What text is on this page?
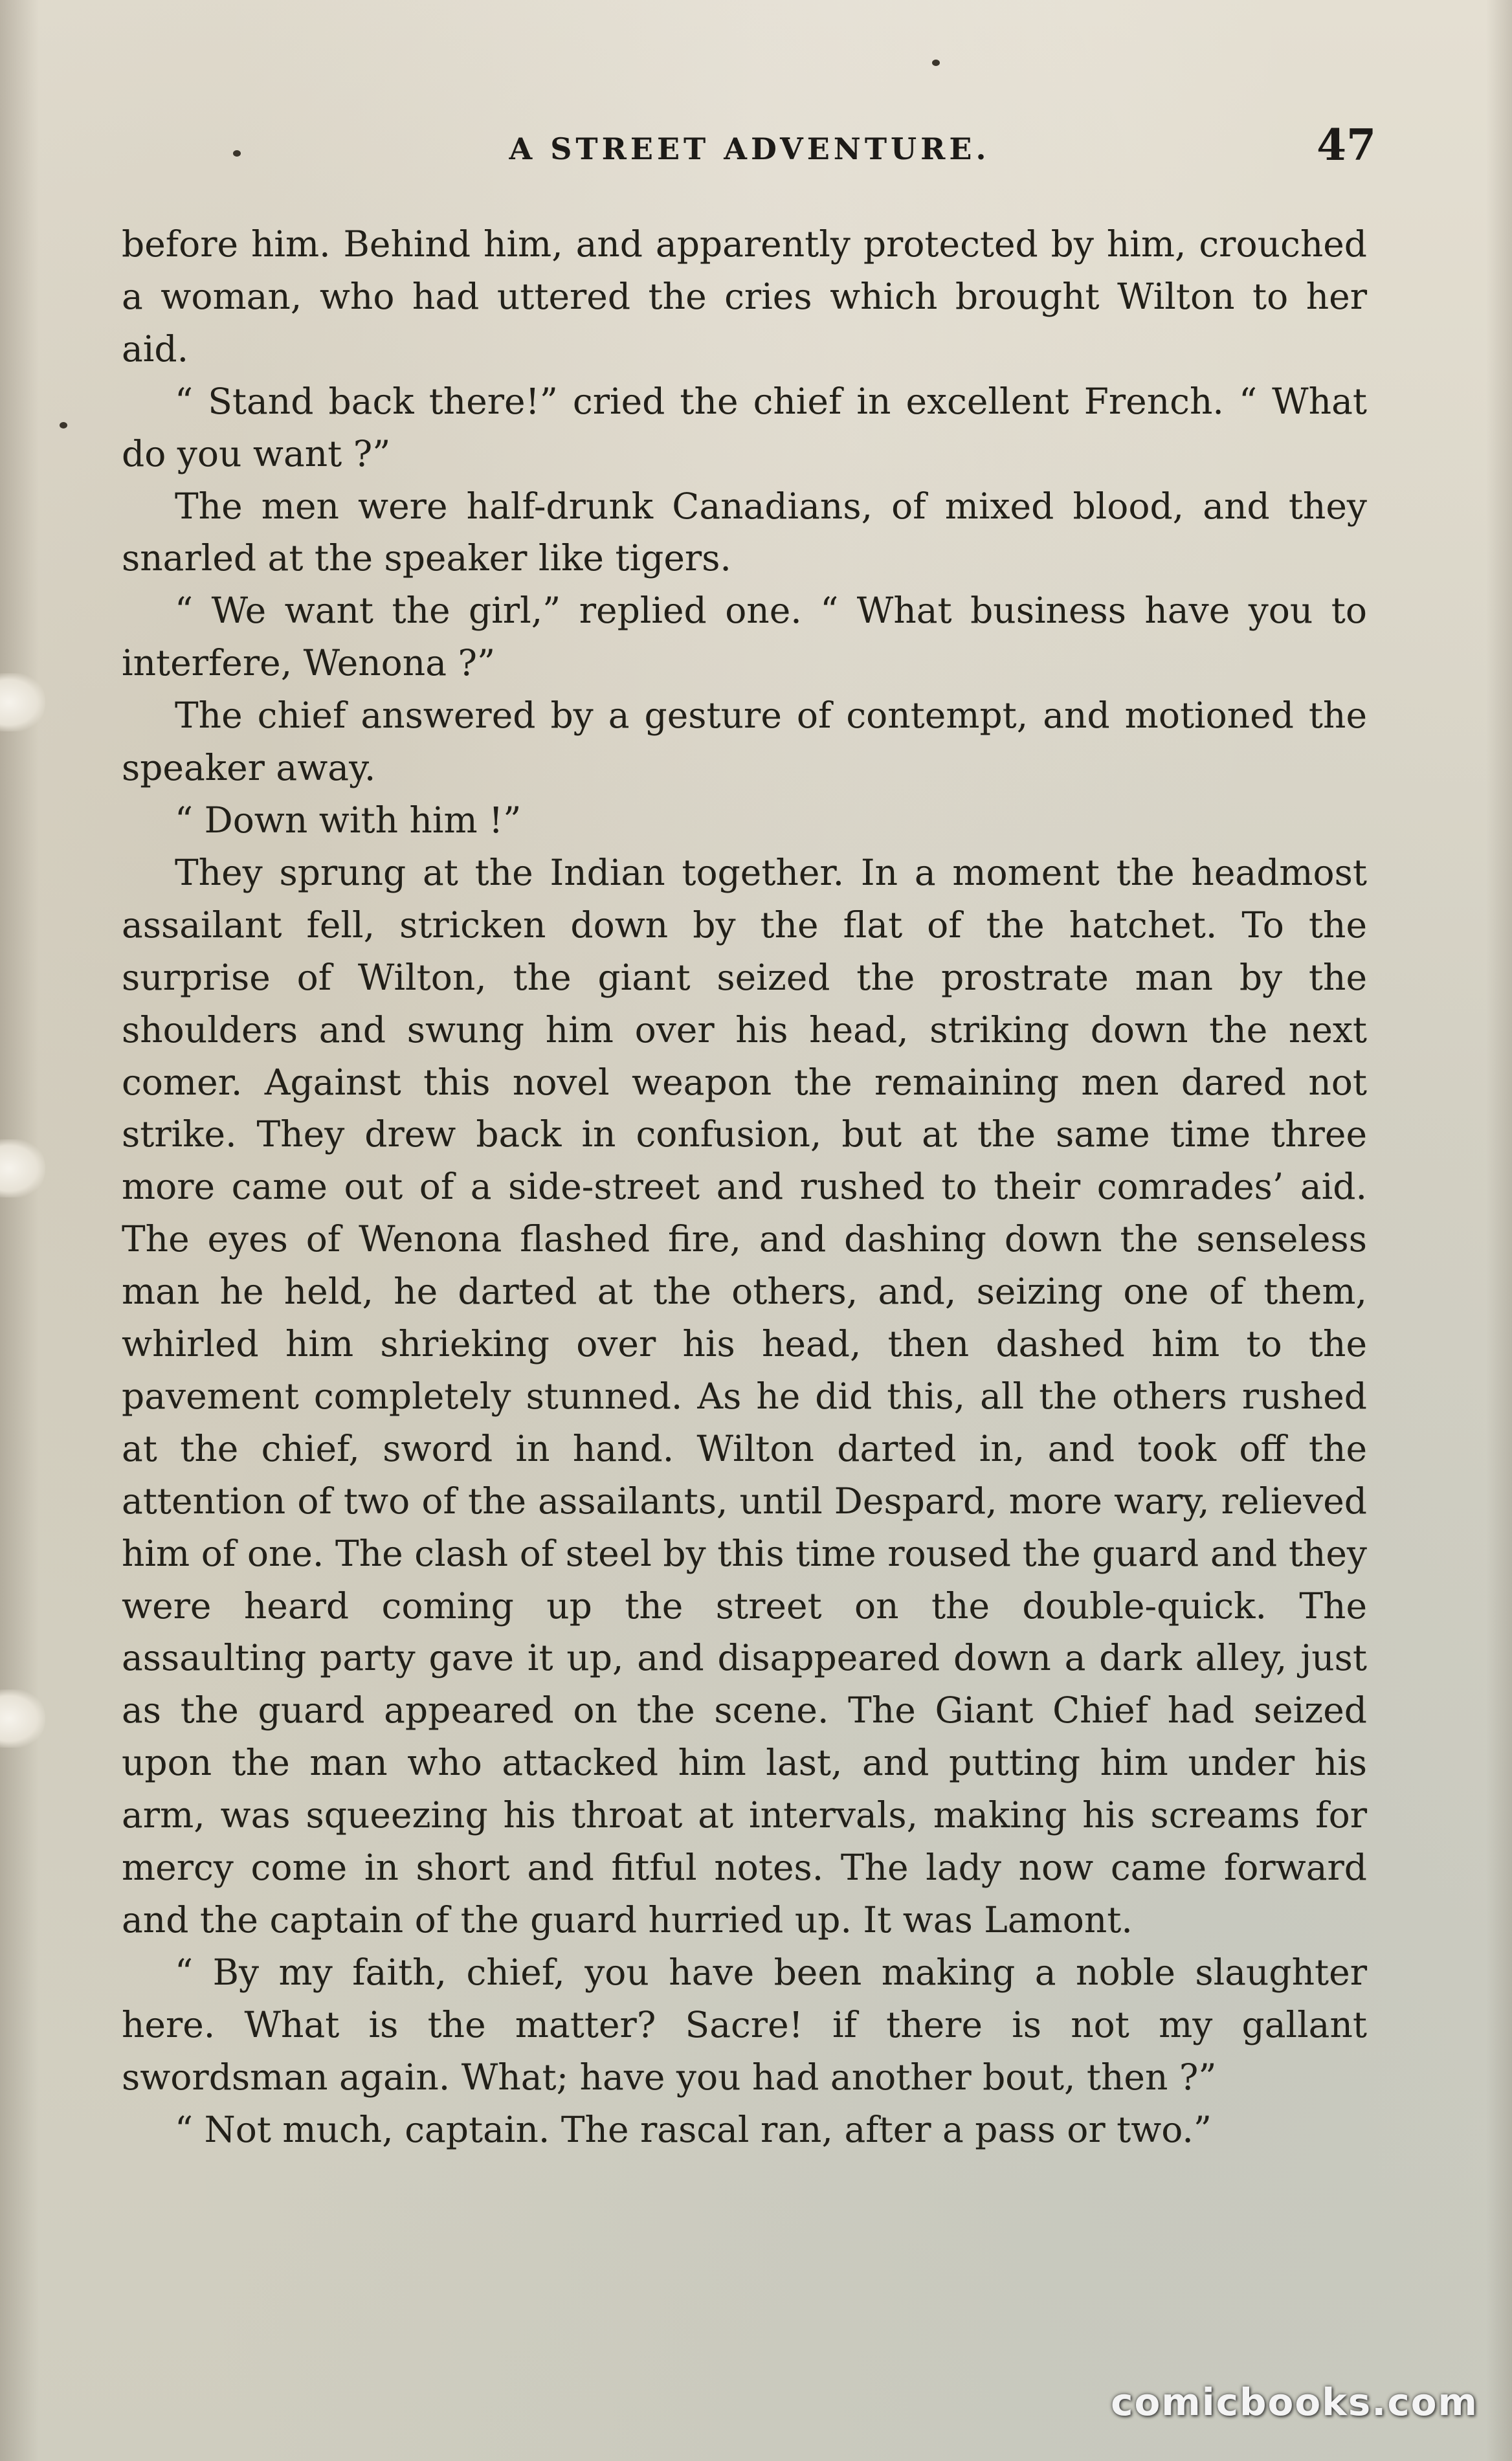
A STREET ADVENTURE.	47

before him. Behind him, and apparently protected by him, crouched a woman, who had uttered the cries which brought Wilton to her aid.

“ Stand back there!” cried the chief in excellent French. “ What do you want ?”

The men were half-drunk Canadians, of mixed blood, and they snarled at the speaker like tigers.

“ We want the girl,” replied one. “ What business have you to interfere, Wenona ?”

The chief answered by a gesture of contempt, and motioned the speaker away.

“ Down with him !”

They sprung at the Indian together. In a moment the headmost assailant fell, stricken down by the flat of the hatchet. To the surprise of Wilton, the giant seized the prostrate man by the shoulders and swung him over his head, striking down the next comer. Against this novel weapon the remaining men dared not strike. They drew back in confusion, but at the same time three more came out of a side-street and rushed to their comrades’ aid. The eyes of Wenona flashed fire, and dashing down the senseless man he held, he darted at the others, and, seizing one of them, whirled him shrieking over his head, then dashed him to the pavement completely stunned. As he did this, all the others rushed at the chief, sword in hand. Wilton darted in, and took off the attention of two of the assailants, until Despard, more wary, relieved him of one. The clash of steel by this time roused the guard and they were heard coming up the street on the double-quick. The assaulting party gave it up, and disappeared down a dark alley, just as the guard appeared on the scene. The Giant Chief had seized upon the man who attacked him last, and putting him under his arm, was squeezing his throat at intervals, making his screams for mercy come in short and fitful notes. The lady now came forward and the captain of the guard hurried up. It was Lamont.

“ By my faith, chief, you have been making a noble slaughter here. What is the matter? Sacre! if there is not my gallant swordsman again. What; have you had another bout, then ?”

“ Not much, captain. The rascal ran, after a pass or two.”

comicbooks.com
